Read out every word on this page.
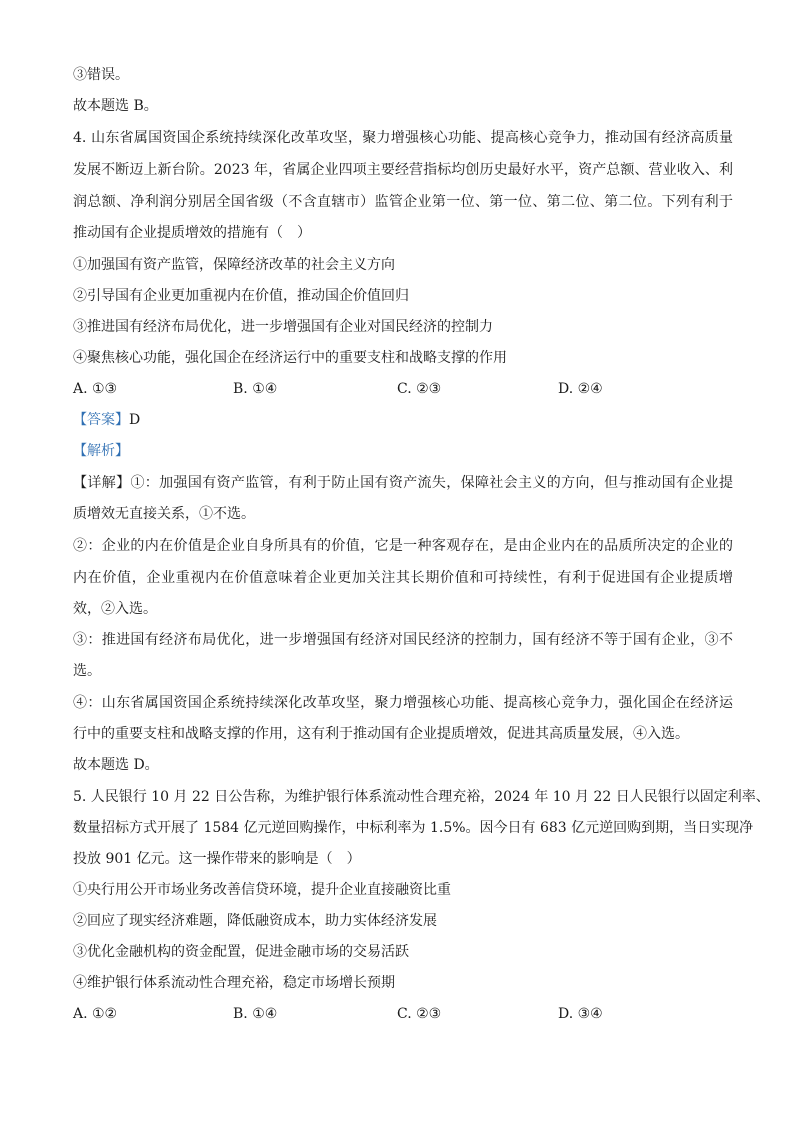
③错误。
故本题选 B。
4. 山东省属国资国企系统持续深化改革攻坚，聚力增强核心功能、提高核心竞争力，推动国有经济高质量
发展不断迈上新台阶。2023 年，省属企业四项主要经营指标均创历史最好水平，资产总额、营业收入、利
润总额、净利润分别居全国省级（不含直辖市）监管企业第一位、第一位、第二位、第二位。下列有利于
推动国有企业提质增效的措施有（　）
①加强国有资产监管，保障经济改革的社会主义方向
②引导国有企业更加重视内在价值，推动国企价值回归
③推进国有经济布局优化，进一步增强国有企业对国民经济的控制力
④聚焦核心功能，强化国企在经济运行中的重要支柱和战略支撑的作用
A. ①③	B. ①④	C. ②③	D. ②④
【答案】D
【解析】
【详解】①：加强国有资产监管，有利于防止国有资产流失，保障社会主义的方向，但与推动国有企业提
质增效无直接关系，①不选。
②：企业的内在价值是企业自身所具有的价值，它是一种客观存在，是由企业内在的品质所决定的企业的
内在价值，企业重视内在价值意味着企业更加关注其长期价值和可持续性，有利于促进国有企业提质增
效，②入选。
③：推进国有经济布局优化，进一步增强国有经济对国民经济的控制力，国有经济不等于国有企业，③不
选。
④：山东省属国资国企系统持续深化改革攻坚，聚力增强核心功能、提高核心竞争力，强化国企在经济运
行中的重要支柱和战略支撑的作用，这有利于推动国有企业提质增效，促进其高质量发展，④入选。
故本题选 D。
5. 人民银行 10 月 22 日公告称，为维护银行体系流动性合理充裕，2024 年 10 月 22 日人民银行以固定利率、
数量招标方式开展了 1584 亿元逆回购操作，中标利率为 1.5%。因今日有 683 亿元逆回购到期，当日实现净
投放 901 亿元。这一操作带来的影响是（　）
①央行用公开市场业务改善信贷环境，提升企业直接融资比重
②回应了现实经济难题，降低融资成本，助力实体经济发展
③优化金融机构的资金配置，促进金融市场的交易活跃
④维护银行体系流动性合理充裕，稳定市场增长预期
A. ①②	B. ①④	C. ②③	D. ③④
